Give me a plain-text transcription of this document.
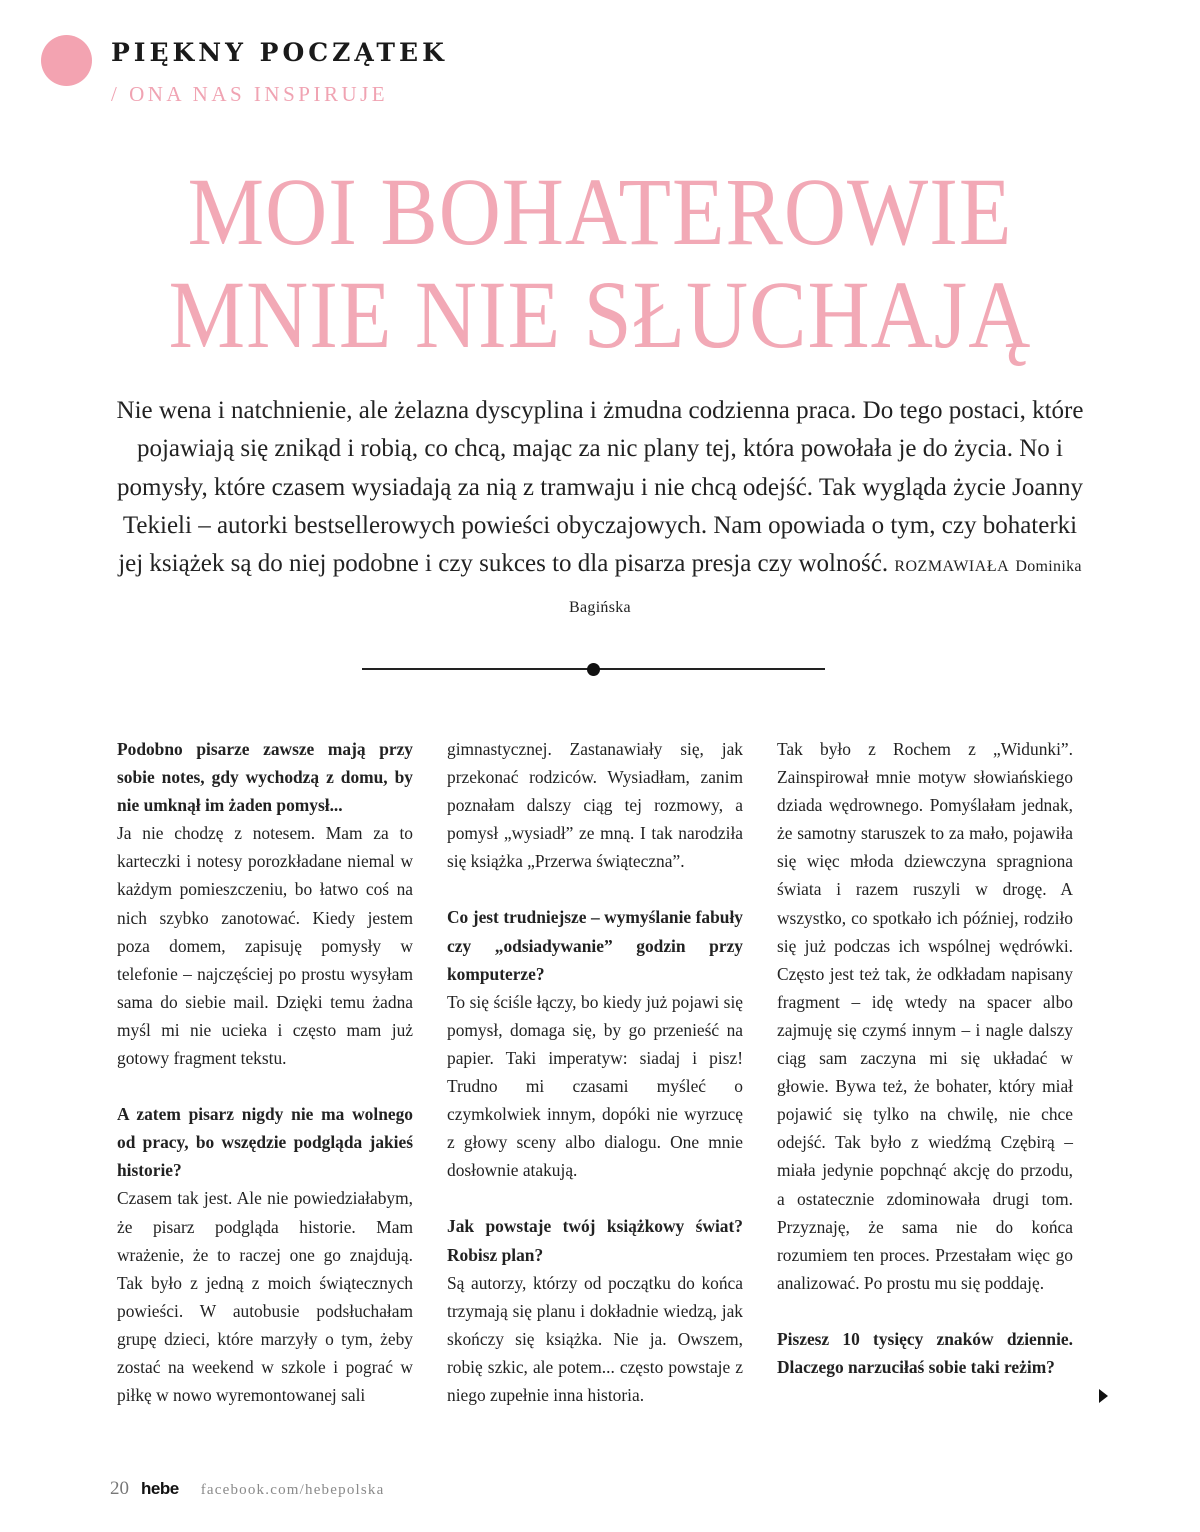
PIĘKNY POCZĄTEK
/ ONA NAS INSPIRUJE
MOI BOHATEROWIE
MNIE NIE SŁUCHAJĄ
Nie wena i natchnienie, ale żelazna dyscyplina i żmudna codzienna praca. Do tego postaci, które pojawiają się znikąd i robią, co chcą, mając za nic plany tej, która powołała je do życia. No i pomysły, które czasem wysiadają za nią z tramwaju i nie chcą odejść. Tak wygląda życie Joanny Tekieli – autorki bestsellerowych powieści obyczajowych. Nam opowiada o tym, czy bohaterki jej książek są do niej podobne i czy sukces to dla pisarza presja czy wolność. ROZMAWIAŁA Dominika Bagińska

Podobno pisarze zawsze mają przy sobie notes, gdy wychodzą z domu, by nie umknął im żaden pomysł...
Ja nie chodzę z notesem. Mam za to karteczki i notesy porozkładane niemal w każdym pomieszczeniu, bo łatwo coś na nich szybko zanotować. Kiedy jestem poza domem, zapisuję pomysły w telefonie – najczęściej po prostu wysyłam sama do siebie mail. Dzięki temu żadna myśl mi nie ucieka i często mam już gotowy fragment tekstu.

A zatem pisarz nigdy nie ma wolnego od pracy, bo wszędzie podgląda jakieś historie?
Czasem tak jest. Ale nie powiedziałabym, że pisarz podgląda historie. Mam wrażenie, że to raczej one go znajdują. Tak było z jedną z moich świątecznych powieści. W autobusie podsłuchałam grupę dzieci, które marzyły o tym, żeby zostać na weekend w szkole i pograć w piłkę w nowo wyremontowanej sali

gimnastycznej. Zastanawiały się, jak przekonać rodziców. Wysiadłam, zanim poznałam dalszy ciąg tej rozmowy, a pomysł „wysiadł” ze mną. I tak narodziła się książka „Przerwa świąteczna”.

Co jest trudniejsze – wymyślanie fabuły czy „odsiadywanie” godzin przy komputerze?
To się ściśle łączy, bo kiedy już pojawi się pomysł, domaga się, by go przenieść na papier. Taki imperatyw: siadaj i pisz! Trudno mi czasami myśleć o czymkolwiek innym, dopóki nie wyrzucę z głowy sceny albo dialogu. One mnie dosłownie atakują.

Jak powstaje twój książkowy świat? Robisz plan?
Są autorzy, którzy od początku do końca trzymają się planu i dokładnie wiedzą, jak skończy się książka. Nie ja. Owszem, robię szkic, ale potem... często powstaje z niego zupełnie inna historia.

Tak było z Rochem z „Widunki”. Zainspirował mnie motyw słowiańskiego dziada wędrownego. Pomyślałam jednak, że samotny staruszek to za mało, pojawiła się więc młoda dziewczyna spragniona świata i razem ruszyli w drogę. A wszystko, co spotkało ich później, rodziło się już podczas ich wspólnej wędrówki. Często jest też tak, że odkładam napisany fragment – idę wtedy na spacer albo zajmuję się czymś innym – i nagle dalszy ciąg sam zaczyna mi się układać w głowie. Bywa też, że bohater, który miał pojawić się tylko na chwilę, nie chce odejść. Tak było z wiedźmą Czębirą – miała jedynie popchnąć akcję do przodu, a ostatecznie zdominowała drugi tom. Przyznaję, że sama nie do końca rozumiem ten proces. Przestałam więc go analizować. Po prostu mu się poddaję.

Piszesz 10 tysięcy znaków dziennie. Dlaczego narzuciłaś sobie taki reżim?

20 hebe facebook.com/hebepolska
